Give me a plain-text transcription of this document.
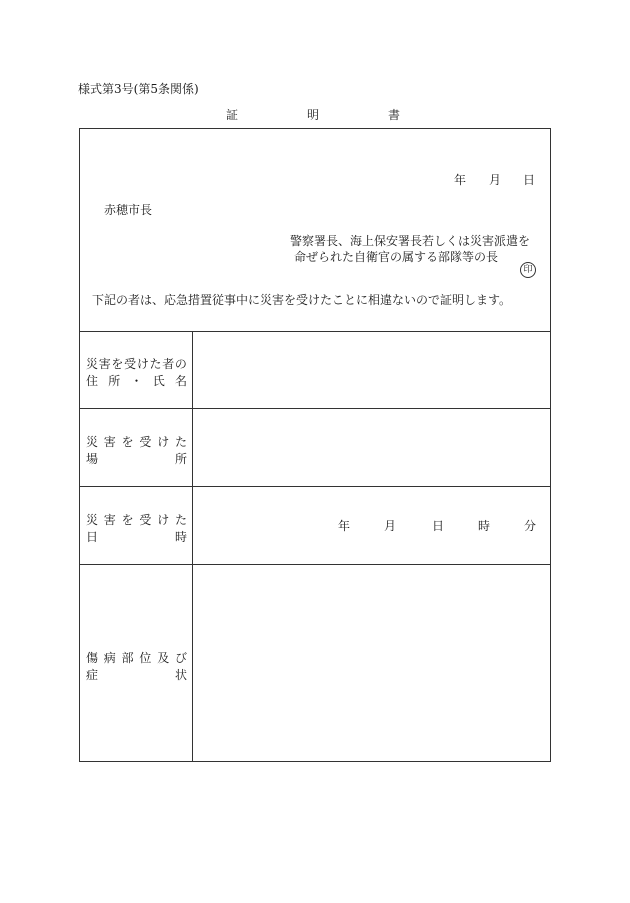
様式第3号(第5条関係)
証	明	書
年 月 日
赤穂市長
警察署長、海上保安署長若しくは災害派遣を
命ぜられた自衛官の属する部隊等の長
印
下記の者は、応急措置従事中に災害を受けたことに相違ないので証明します。
災 害 を 受 け た 者 の
住 所 ・ 氏 名
災 害 を 受 け た
場	所
災 害 を 受 け た
日	時
年	月	日	時	分
傷 病 部 位 及 び
症	状
